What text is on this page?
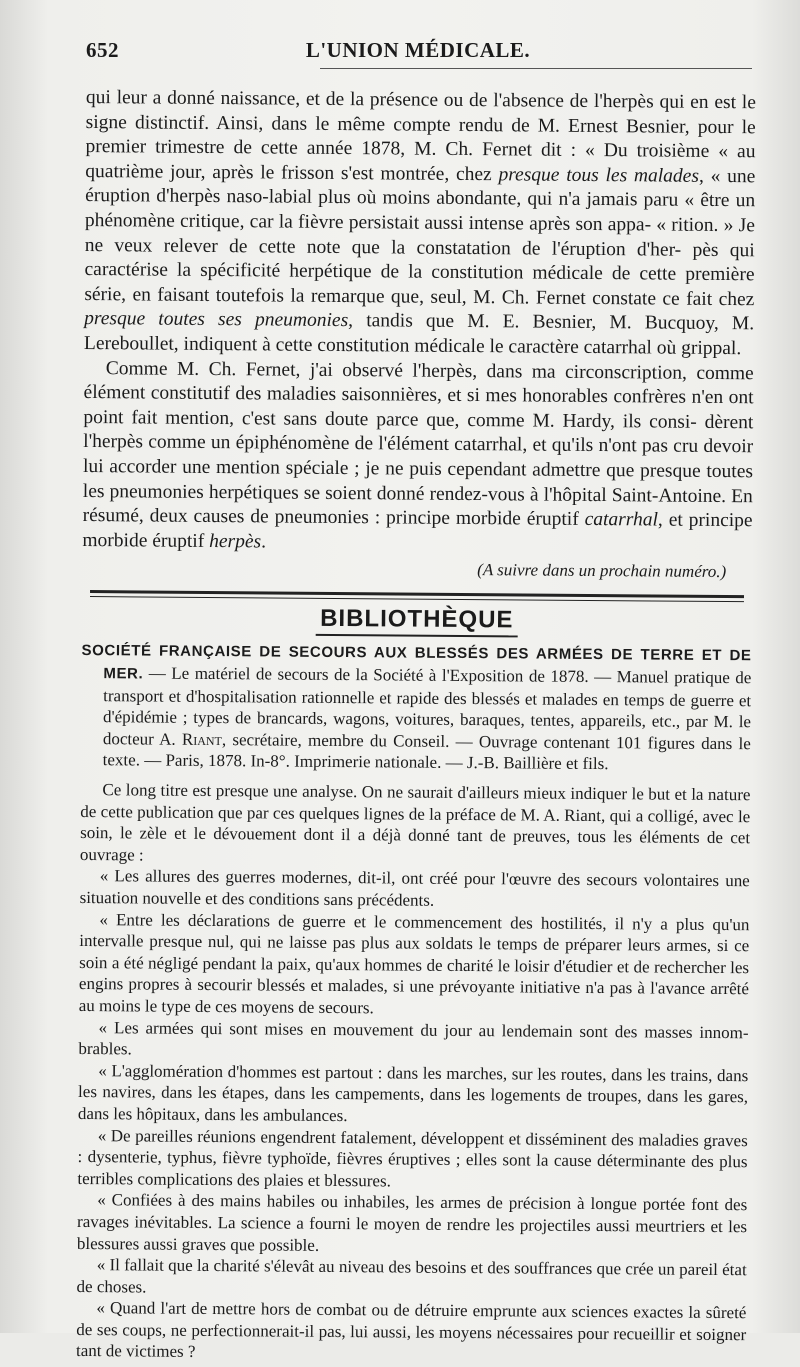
652	L'UNION MÉDICALE.

qui leur a donné naissance, et de la présence ou de l'absence de l'herpès qui en est le signe distinctif. Ainsi, dans le même compte rendu de M. Ernest Besnier, pour le premier trimestre de cette année 1878, M. Ch. Fernet dit : « Du troisième « au quatrième jour, après le frisson s'est montrée, chez presque tous les malades, « une éruption d'herpès naso-labial plus où moins abondante, qui n'a jamais paru « être un phénomène critique, car la fièvre persistait aussi intense après son appa- « rition. » Je ne veux relever de cette note que la constatation de l'éruption d'her- pès qui caractérise la spécificité herpétique de la constitution médicale de cette première série, en faisant toutefois la remarque que, seul, M. Ch. Fernet constate ce fait chez presque toutes ses pneumonies, tandis que M. E. Besnier, M. Bucquoy, M. Lereboullet, indiquent à cette constitution médicale le caractère catarrhal où grippal.

Comme M. Ch. Fernet, j'ai observé l'herpès, dans ma circonscription, comme élément constitutif des maladies saisonnières, et si mes honorables confrères n'en ont point fait mention, c'est sans doute parce que, comme M. Hardy, ils consi- dèrent l'herpès comme un épiphénomène de l'élément catarrhal, et qu'ils n'ont pas cru devoir lui accorder une mention spéciale ; je ne puis cependant admettre que presque toutes les pneumonies herpétiques se soient donné rendez-vous à l'hôpital Saint-Antoine. En résumé, deux causes de pneumonies : principe morbide éruptif catarrhal, et principe morbide éruptif herpès.

(A suivre dans un prochain numéro.)

BIBLIOTHÈQUE

SOCIÉTÉ FRANÇAISE DE SECOURS AUX BLESSÉS DES ARMÉES DE TERRE ET DE MER. — Le matériel de secours de la Société à l'Exposition de 1878. — Manuel pratique de transport et d'hospitalisation rationnelle et rapide des blessés et malades en temps de guerre et d'épidémie ; types de brancards, wagons, voitures, baraques, tentes, appareils, etc., par M. le docteur A. Riant, secrétaire, membre du Conseil. — Ouvrage contenant 101 figures dans le texte. — Paris, 1878. In-8°. Imprimerie nationale. — J.-B. Baillière et fils.

Ce long titre est presque une analyse. On ne saurait d'ailleurs mieux indiquer le but et la nature de cette publication que par ces quelques lignes de la préface de M. A. Riant, qui a colligé, avec le soin, le zèle et le dévouement dont il a déjà donné tant de preuves, tous les éléments de cet ouvrage :

« Les allures des guerres modernes, dit-il, ont créé pour l'œuvre des secours volontaires une situation nouvelle et des conditions sans précédents.

« Entre les déclarations de guerre et le commencement des hostilités, il n'y a plus qu'un intervalle presque nul, qui ne laisse pas plus aux soldats le temps de préparer leurs armes, si ce soin a été négligé pendant la paix, qu'aux hommes de charité le loisir d'étudier et de rechercher les engins propres à secourir blessés et malades, si une prévoyante initiative n'a pas à l'avance arrêté au moins le type de ces moyens de secours.

« Les armées qui sont mises en mouvement du jour au lendemain sont des masses innom- brables.

« L'agglomération d'hommes est partout : dans les marches, sur les routes, dans les trains, dans les navires, dans les étapes, dans les campements, dans les logements de troupes, dans les gares, dans les hôpitaux, dans les ambulances.

« De pareilles réunions engendrent fatalement, développent et disséminent des maladies graves : dysenterie, typhus, fièvre typhoïde, fièvres éruptives ; elles sont la cause déterminante des plus terribles complications des plaies et blessures.

« Confiées à des mains habiles ou inhabiles, les armes de précision à longue portée font des ravages inévitables. La science a fourni le moyen de rendre les projectiles aussi meurtriers et les blessures aussi graves que possible.

« Il fallait que la charité s'élevât au niveau des besoins et des souffrances que crée un pareil état de choses.

« Quand l'art de mettre hors de combat ou de détruire emprunte aux sciences exactes la sûreté de ses coups, ne perfectionnerait-il pas, lui aussi, les moyens nécessaires pour recueillir et soigner tant de victimes ?
